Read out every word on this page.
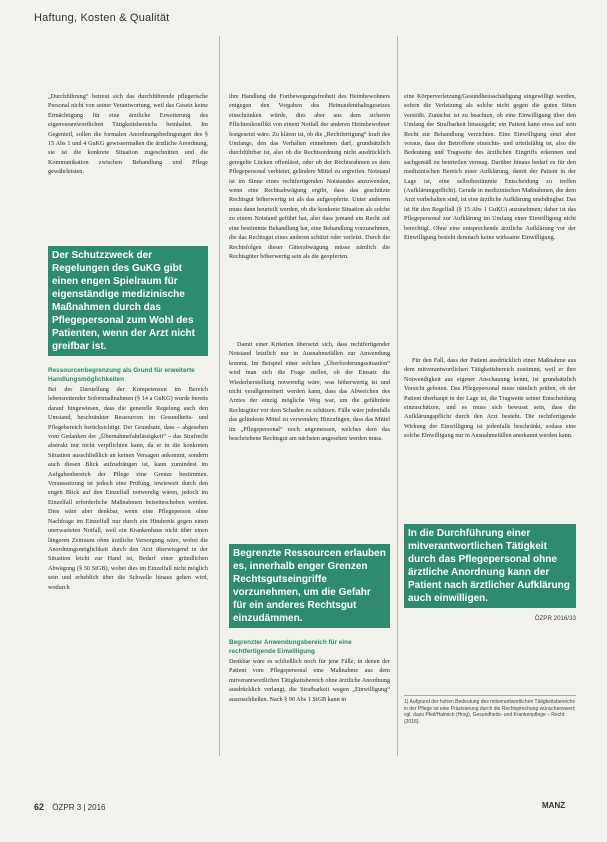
Haftung, Kosten & Qualität

„Durchführung“ betreut sich das durchführende pflegerische Personal nicht von seiner Verantwortung, weil das Gesetz keine Ermächtigung für eine ärztliche Erweiterung des eigenverantwortlichen Tätigkeitsbereichs beinhaltet. Im Gegenteil, sollen die formalen Anordnungsbedingungen des § 15 Abs 1 und 4 GuKG gewissermaßen die ärztliche Anordnung, sie ist die konkrete Situation zugeschnitten und die Kommunikation zwischen Behandlung und Pflege gewährleisten.

Der Schutzzweck der Regelungen des GuKG gibt einen engen Spielraum für eigenständige medizinische Maßnahmen durch das Pflegepersonal zum Wohl des Patienten, wenn der Arzt nicht greifbar ist.

Ressourcenbegrenzung als Grund für erweiterte Handlungsmöglichkeiten

Bei der Darstellung der Kompetenzen im Bereich lebensrettender Sofortmaßnahmen (§ 14 a GuKG) wurde bereits darauf hingewiesen, dass die generelle Regelung auch den Umstand, beschränkter Ressourcen im Gesundheits- und Pflegebereich berücksichtigt. Der Grundsatz, dass – abgesehen vom Gedanken der „Übernahmefahrlässigkeit“ – das Strafrecht abstrakt nur nicht verpflichten kann, da er in die konkreten Situation ausschließlich an keinen Versagen ankommt, sondern auch diesen Blick aufzudrängen ist, kann zumindest im Aufgabenbereich der Pflege eine Grenze bestimmen. Voraussetzung ist jedoch eine Prüfung, inwieweit durch den engen Blick auf den Einzelfall notwendig wären, jedoch im Einzelfall erforderliche Maßnahmen beiseiteschoben werden. Dies wäre aber denkbar, wenn eine Pflegeperson ohne Nachfrage im Einzelfall nur durch ein Hindernis gegen einen unerwarteten Notfall, weil ein Krankenhaus nicht über einen längeren Zeitraum ohne ärztliche Versorgung wäre, wobei die Anordnungsmöglichkeit durch den Arzt überwiegend in der Situation leicht zur Hand ist, Bedarf einer gründlichen Abwägung (§ 50 StGB), wobei dies im Einzelfall nicht möglich sein und erheblich über die Schwelle hinaus gehen wird, wodurch

ihre Handlung die Fortbewegungsfreiheit des Heimbewohners entgegen den Vorgaben des Heimaufenthaltsgesetzes einschränken würde, dies aber aus dem sicheren Pflichtenkonflikt von einem Notfall der anderen Heimbewohner festgesetzt wäre. Zu klären ist, ob die „Rechtfertigung“ kraft des Umfangs, den das Verhalten einnehmen darf, grundsätzlich durchführbar ist, also ob die Rechtsordnung nicht ausdrücklich geregelte Lücken offenlässt, oder ob der Rechtsrahmen es dem Pflegepersonal verbietet, gelindere Mittel zu ergreifen. Notstand ist im Sinne eines rechtfertigenden Notstandes anzuwenden, wenn eine Rechtsabwägung ergibt, dass das geschützte Rechtsgut höherwertig ist als das aufgeopferte. Unter anderem muss dann beurteilt werden, ob die konkrete Situation als solche zu einem Notstand geführt hat, also dass jemand ein Recht auf eine bestimmte Behandlung hat, eine Behandlung vorzunehmen, die das Rechtsgut eines anderen schützt oder verletzt. Durch die Rechtsfolgen dieser Güterabwägung müsse nämlich die Rechtsgüter höherwertig sein als die geopferten.

Damit einer Kriterien übersetzt sich, dass rechtfertigender Notstand letztlich nur in Ausnahmefällen zur Anwendung kommt. Im Beispiel einer solchen „Überforderungssituation“ wird man sich die Frage stellen, ob der Einsatz die Wiederherstellung notwendig wäre, was höherwertig ist und nicht verallgemeinert werden kann, dass das Abweichen des Arztes der einzig mögliche Weg war, um die gefährdete Rechtsgüter vor dem Schaden zu schützen. Fälle wäre jedenfalls das gelindeste Mittel zu verwenden; Hinzufügen, dass das Mittel im „Pflegepersonal“ noch angemessen, welches dem das beschriebene Rechtsgut am nächsten angesehen werden muss.

Begrenzte Ressourcen erlauben es, innerhalb enger Grenzen Rechtsgutseingriffe vorzunehmen, um die Gefahr für ein anderes Rechtsgut einzudämmen.

Begrenzter Anwendungsbereich für eine rechtfertigende Einwilligung

Denkbar wäre es schließlich noch für jene Fälle, in denen der Patient vom Pflegepersonal eine Maßnahme aus dem mitverantwortlichen Tätigkeitsbereich ohne ärztliche Anordnung ausdrücklich verlangt, die Strafbarkeit wegen „Einwilligung“ auszuschließen. Nach § 90 Abs 1 StGB kann in

eine Körperverletzung/Gesundheitsschädigung eingewilligt werden, sofern die Verletzung als solche nicht gegen die guten Sitten verstößt. Zunächst ist zu beachten, ob eine Einwilligung über den Umfang der Strafbarkeit hinausgeht; ein Patient kann etwa auf sein Recht zur Behandlung verzichten. Eine Einwilligung setzt aber voraus, dass der Betroffene einsichts- und urteilsfähig ist, also die Bedeutung und Tragweite des ärztlichen Eingriffs erkennen und sachgemäß zu beurteilen vermag. Darüber hinaus bedarf es für den medizinischen Bereich einer Aufklärung, damit der Patient in der Lage ist, eine selbstbestimmte Entscheidung zu treffen (Aufklärungspflicht). Gerade in medizinischen Maßnahmen, die dem Arzt vorbehalten sind, ist eine ärztliche Aufklärung unabdingbar. Das ist für den Regelfall (§ 15 Abs 1 GuKG) anzunehmen; daher ist das Pflegepersonal zur Aufklärung im Umfang einer Einwilligung nicht berechtigt. Ohne eine entsprechende ärztliche Aufklärung vor der Einwilligung besteht demnach keine wirksame Einwilligung.

Für den Fall, dass der Patient ausdrücklich einer Maßnahme aus dem mitverantwortlichen Tätigkeitsbereich zustimmt, weil er ihre Notwendigkeit aus eigener Anschauung kennt, ist grundsätzlich Vorsicht geboten. Das Pflegepersonal muss nämlich prüfen, ob der Patient überhaupt in der Lage ist, die Tragweite seiner Entscheidung einzuschätzen, und es muss sich bewusst sein, dass die Aufklärungspflicht durch den Arzt besteht. Die rechtfertigende Wirkung der Einwilligung ist jedenfalls beschränkt, sodass eine solche Einwilligung nur in Ausnahmefällen anerkannt werden kann.

In die Durchführung einer mitverantwortlichen Tätigkeit durch das Pflegepersonal ohne ärztliche Anordnung kann der Patient nach ärztlicher Aufklärung auch einwilligen.
ÖZPR 2016/33
1) Aufgrund der hohen Bedeutung des mitverantwortlichen Tätigkeitsbereichs in der Pflege ist eine Präzisierung durch die Rechtsprechung wünschenswert; vgl. dazu Pfeil/Halmich (Hrsg), Gesundheits- und Krankenpflege – Recht (2016).
62 ÖZPR 3 | 2016	MANZ
